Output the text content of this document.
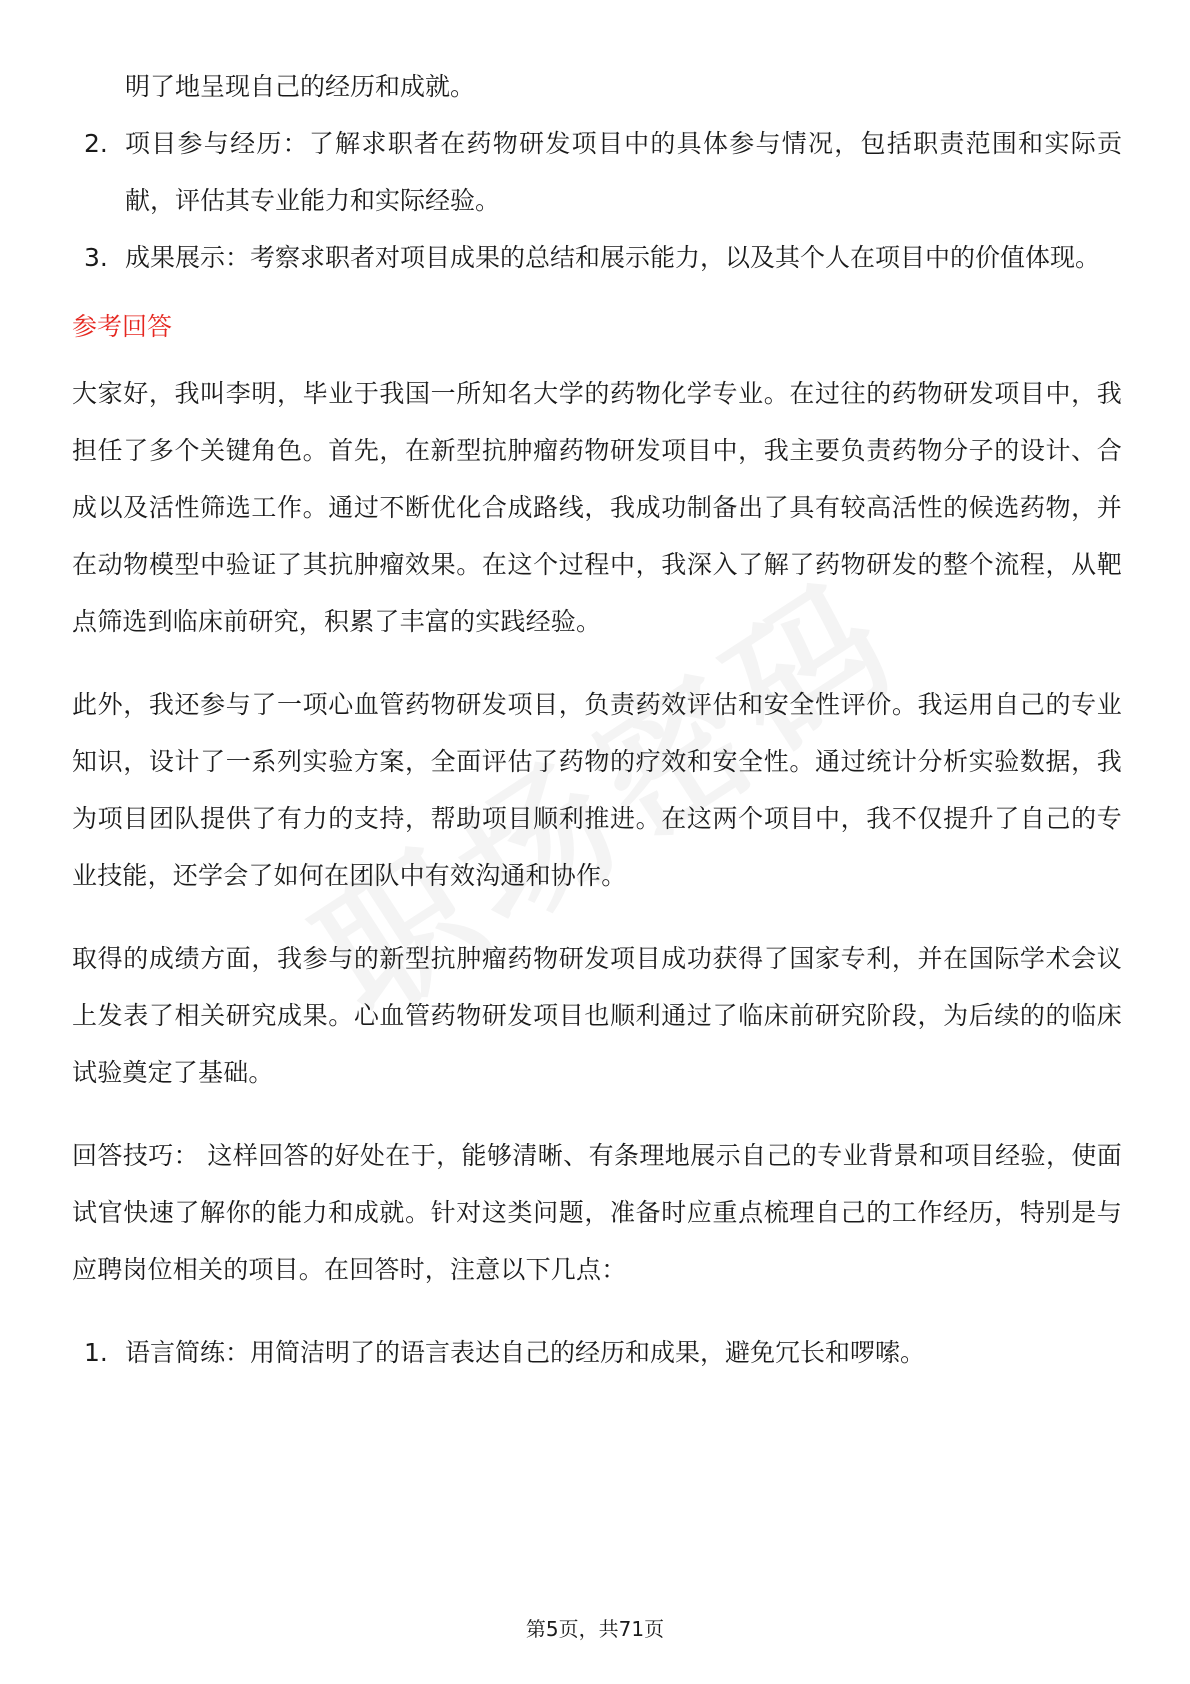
明了地呈现自己的经历和成就。
2. 项目参与经历：了解求职者在药物研发项目中的具体参与情况，包括职责范围和实际贡献，评估其专业能力和实际经验。
3. 成果展示：考察求职者对项目成果的总结和展示能力，以及其个人在项目中的价值体现。
参考回答

大家好，我叫李明，毕业于我国一所知名大学的药物化学专业。在过往的药物研发项目中，我担任了多个关键角色。首先，在新型抗肿瘤药物研发项目中，我主要负责药物分子的设计、合成以及活性筛选工作。通过不断优化合成路线，我成功制备出了具有较高活性的候选药物，并在动物模型中验证了其抗肿瘤效果。在这个过程中，我深入了解了药物研发的整个流程，从靶点筛选到临床前研究，积累了丰富的实践经验。

此外，我还参与了一项心血管药物研发项目，负责药效评估和安全性评价。我运用自己的专业知识，设计了一系列实验方案，全面评估了药物的疗效和安全性。通过统计分析实验数据，我为项目团队提供了有力的支持，帮助项目顺利推进。在这两个项目中，我不仅提升了自己的专业技能，还学会了如何在团队中有效沟通和协作。

取得的成绩方面，我参与的新型抗肿瘤药物研发项目成功获得了国家专利，并在国际学术会议上发表了相关研究成果。心血管药物研发项目也顺利通过了临床前研究阶段，为后续的的临床试验奠定了基础。

回答技巧： 这样回答的好处在于，能够清晰、有条理地展示自己的专业背景和项目经验，使面试官快速了解你的能力和成就。针对这类问题，准备时应重点梳理自己的工作经历，特别是与应聘岗位相关的项目。在回答时，注意以下几点：

1. 语言简练：用简洁明了的语言表达自己的经历和成果，避免冗长和啰嗦。
第5页，共71页
